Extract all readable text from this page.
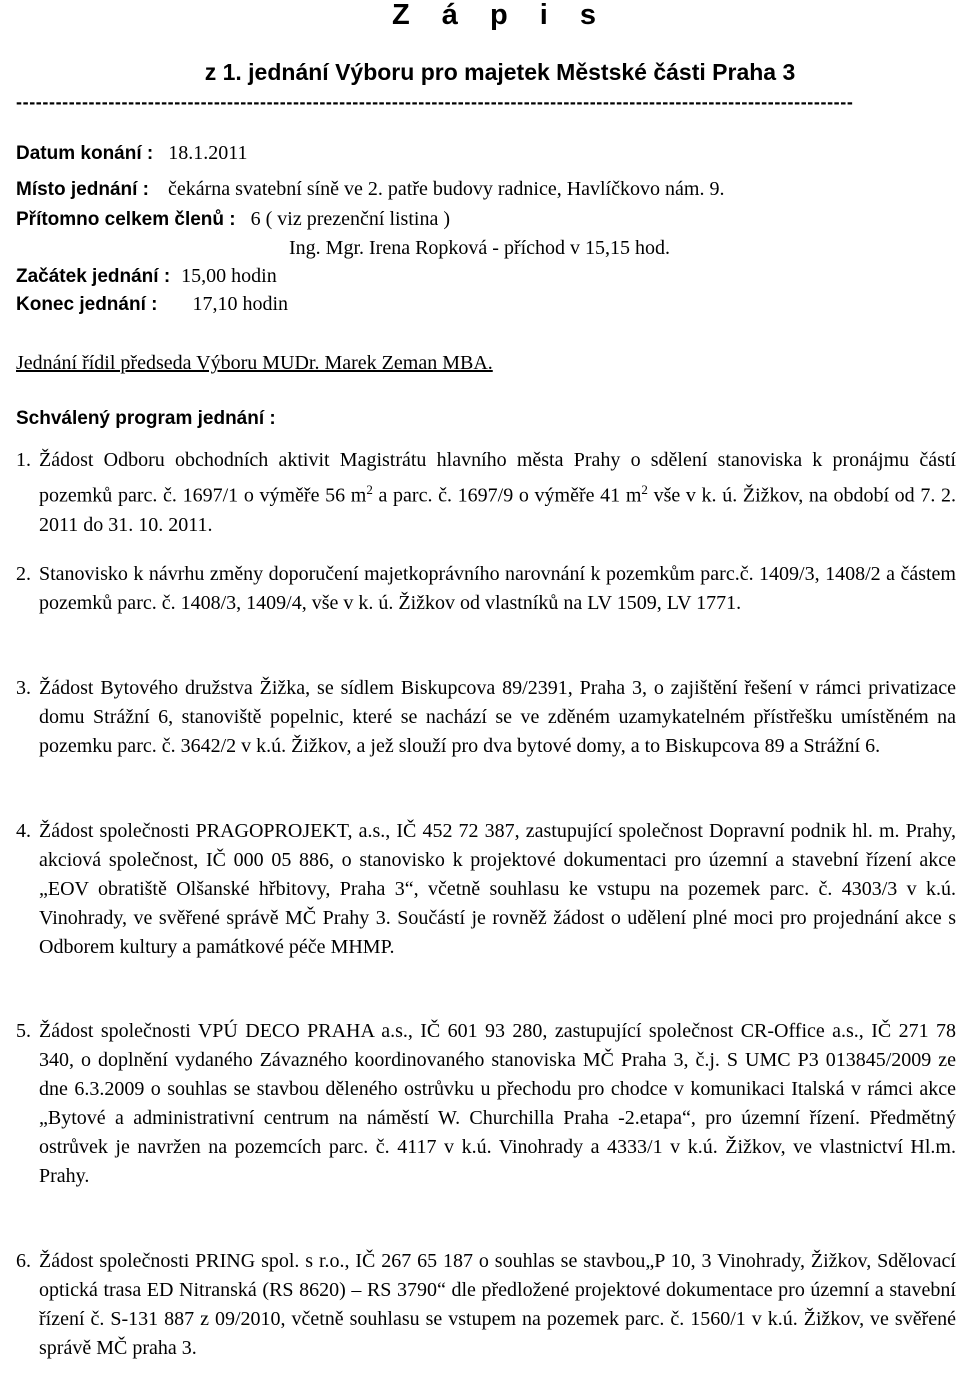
Z á p i s
z 1. jednání Výboru pro majetek Městské části Praha 3
-------------------------------------------------------------------------------------------------------------------------------
Datum konání : 18.1.2011
Místo jednání : čekárna svatební síně ve 2. patře budovy radnice, Havlíčkovo nám. 9.
Přítomno celkem členů : 6 ( viz prezenční listina )
Ing. Mgr. Irena Ropková - příchod v 15,15 hod.
Začátek jednání : 15,00 hodin
Konec jednání : 17,10 hodin
Jednání řídil předseda Výboru MUDr. Marek Zeman MBA.
Schválený program jednání :
1. Žádost Odboru obchodních aktivit Magistrátu hlavního města Prahy o sdělení stanoviska k pronájmu částí pozemků parc. č. 1697/1 o výměře 56 $m^2$ a parc. č. 1697/9 o výměře 41 $m^2$ vše v k. ú. Žižkov, na období od 7. 2. 2011 do 31. 10. 2011.
2. Stanovisko k návrhu změny doporučení majetkoprávního narovnání k pozemkům parc.č. 1409/3, 1408/2 a částem pozemků parc. č. 1408/3, 1409/4, vše v k. ú. Žižkov od vlastníků na LV 1509, LV 1771.
3. Žádost Bytového družstva Žižka, se sídlem Biskupcova 89/2391, Praha 3, o zajištění řešení v rámci privatizace domu Strážní 6, stanoviště popelnic, které se nachází se ve zděném uzamykatelném přístřešku umístěném na pozemku parc. č. 3642/2 v k.ú. Žižkov, a jež slouží pro dva bytové domy, a to Biskupcova 89 a Strážní 6.
4. Žádost společnosti PRAGOPROJEKT, a.s., IČ 452 72 387, zastupující společnost Dopravní podnik hl. m. Prahy, akciová společnost, IČ 000 05 886, o stanovisko k projektové dokumentaci pro územní a stavební řízení akce „EOV obratiště Olšanské hřbitovy, Praha 3“, včetně souhlasu ke vstupu na pozemek parc. č. 4303/3 v k.ú. Vinohrady, ve svěřené správě MČ Prahy 3. Součástí je rovněž žádost o udělení plné moci pro projednání akce s Odborem kultury a památkové péče MHMP.
5. Žádost společnosti VPÚ DECO PRAHA a.s., IČ 601 93 280, zastupující společnost CR-Office a.s., IČ 271 78 340, o doplnění vydaného Závazného koordinovaného stanoviska MČ Praha 3, č.j. S UMC P3 013845/2009 ze dne 6.3.2009 o souhlas se stavbou děleného ostrůvku u přechodu pro chodce v komunikaci Italská v rámci akce „Bytové a administrativní centrum na náměstí W. Churchilla Praha -2.etapa“, pro územní řízení. Předmětný ostrůvek je navržen na pozemcích parc. č. 4117 v k.ú. Vinohrady a 4333/1 v k.ú. Žižkov, ve vlastnictví Hl.m. Prahy.
6. Žádost společnosti PRING spol. s r.o., IČ 267 65 187 o souhlas se stavbou„P 10, 3 Vinohrady, Žižkov, Sdělovací optická trasa ED Nitranská (RS 8620) – RS 3790“ dle předložené projektové dokumentace pro územní a stavební řízení č. S-131 887 z 09/2010, včetně souhlasu se vstupem na pozemek parc. č. 1560/1 v k.ú. Žižkov, ve svěřené správě MČ praha 3.
